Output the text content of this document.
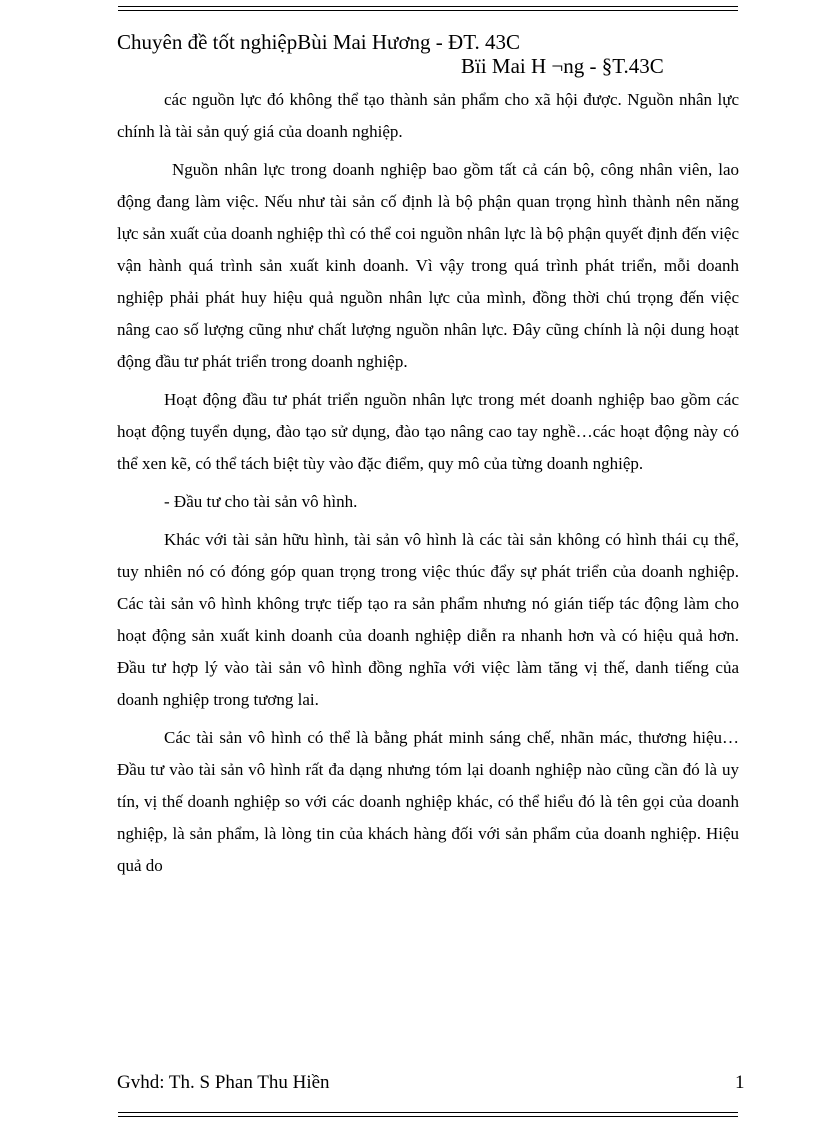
Chuyên đề tốt nghiệpBùi Mai Hương - ĐT. 43C
Bïi Mai H ¬ng - §T.43C

các nguồn lực đó không thể tạo thành sản phẩm cho xã hội được. Nguồn nhân lực chính là tài sản quý giá của doanh nghiệp.

Nguồn nhân lực trong doanh nghiệp bao gồm tất cả cán bộ, công nhân viên, lao động đang làm việc. Nếu như tài sản cố định là bộ phận quan trọng hình thành nên năng lực sản xuất của doanh nghiệp thì có thể coi nguồn nhân lực là bộ phận quyết định đến việc vận hành quá trình sản xuất kinh doanh. Vì vậy trong quá trình phát triển, mỗi doanh nghiệp phải phát huy hiệu quả nguồn nhân lực của mình, đồng thời chú trọng đến việc nâng cao số lượng cũng như chất lượng nguồn nhân lực. Đây cũng chính là nội dung hoạt động đầu tư phát triển trong doanh nghiệp.

Hoạt động đầu tư phát triển nguồn nhân lực trong mét doanh nghiệp bao gồm các hoạt động tuyển dụng, đào tạo sử dụng, đào tạo nâng cao tay nghề…các hoạt động này có thể xen kẽ, có thể tách biệt tùy vào đặc điểm, quy mô của từng doanh nghiệp.

- Đầu tư cho tài sản vô hình.

Khác với tài sản hữu hình, tài sản vô hình là các tài sản không có hình thái cụ thể, tuy nhiên nó có đóng góp quan trọng trong việc thúc đẩy sự phát triển của doanh nghiệp. Các tài sản vô hình không trực tiếp tạo ra sản phẩm nhưng nó gián tiếp tác động làm cho hoạt động sản xuất kinh doanh của doanh nghiệp diễn ra nhanh hơn và có hiệu quả hơn. Đầu tư hợp lý vào tài sản vô hình đồng nghĩa với việc làm tăng vị thế, danh tiếng của doanh nghiệp trong tương lai.

Các tài sản vô hình có thể là bằng phát minh sáng chế, nhãn mác, thương hiệu…Đầu tư vào tài sản vô hình rất đa dạng nhưng tóm lại doanh nghiệp nào cũng cần đó là uy tín, vị thế doanh nghiệp so với các doanh nghiệp khác, có thể hiểu đó là tên gọi của doanh nghiệp, là sản phẩm, là lòng tin của khách hàng đối với sản phẩm của doanh nghiệp. Hiệu quả do

Gvhd: Th. S Phan Thu Hiền	1
